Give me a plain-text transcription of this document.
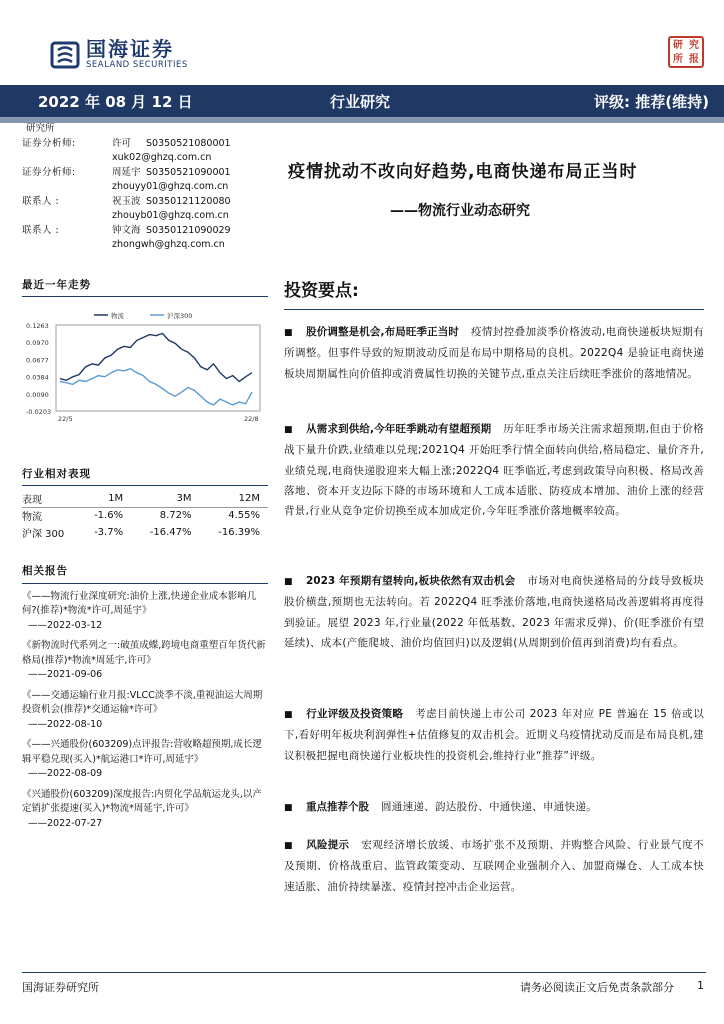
国海证券
SEALAND SECURITIES
研 究
所 报
2022 年 08 月 12 日	行业研究	评级: 推荐(维持)
研究所
证券分析师:	许可	S0350521080001
xuk02@ghzq.com.cn
证券分析师:	周延宇 S0350521090001
zhouyy01@ghzq.com.cn
联系人 :	祝玉波 S0350121120080
zhouyb01@ghzq.com.cn
联系人 :	钟文海 S0350121090029
zhongwh@ghzq.com.cn
疫情扰动不改向好趋势,电商快递布局正当时
——物流行业动态研究
最近一年走势
0.1263
0.0970
0.0677
0.0384
0.0090
-0.0203
22/5	22/8
物流	沪深300
行业相对表现
表现	1M	3M	12M
物流	-1.6%	8.72%	4.55%
沪深 300	-3.7%	-16.47%	-16.39%
相关报告
《——物流行业深度研究:油价上涨,快递企业成本影响几何?(推荐)*物流*许可,周延宇》
——2022-03-12
《新物流时代系列之一:破茧成蝶,跨境电商重塑百年货代新格局(推荐)*物流*周延宇,许可》
——2021-09-06
《——交通运输行业月报:VLCC淡季不淡,重视油运大周期投资机会(推荐)*交通运输*许可》
——2022-08-10
《——兴通股份(603209)点评报告:营收略超预期,成长逻辑平稳兑现(买入)*航运港口*许可,周延宇》
——2022-08-09
《兴通股份(603209)深度报告:内贸化学品航运龙头,以产定销扩张提速(买入)*物流*周延宇,许可》
——2022-07-27
投资要点:
■ 股价调整是机会,布局旺季正当时 疫情封控叠加淡季价格波动,电商快递板块短期有所调整。但事件导致的短期波动反而是布局中期格局的良机。2022Q4 是验证电商快递板块周期属性向价值抑或消费属性切换的关键节点,重点关注后续旺季涨价的落地情况。
■ 从需求到供给,今年旺季跳动有望超预期 历年旺季市场关注需求超预期,但由于价格战下量升价跌,业绩难以兑现;2021Q4 开始旺季行情全面转向供给,格局稳定、量价齐升,业绩兑现,电商快递股迎来大幅上涨;2022Q4 旺季临近,考虑到政策导向积极、格局改善落地、资本开支边际下降的市场环境和人工成本适胀、防疫成本增加、油价上涨的经营背景,行业从竞争定价切换至成本加成定价,今年旺季涨价落地概率较高。
■ 2023 年预期有望转向,板块依然有双击机会 市场对电商快递格局的分歧导致板块股价横盘,预期也无法转向。若 2022Q4 旺季涨价落地,电商快递格局改善逻辑将再度得到验证。展望 2023 年,行业量(2022 年低基数、2023 年需求反弹)、价(旺季涨价有望延续)、成本(产能爬坡、油价均值回归)以及逻辑(从周期到价值再到消费)均有看点。
■ 行业评级及投资策略 考虑目前快递上市公司 2023 年对应 PE 普遍在 15 倍或以下,看好明年板块利润弹性+估值修复的双击机会。近期义乌疫情扰动反而是布局良机,建议积极把握电商快递行业板块性的投资机会,维持行业“推荐”评级。
■ 重点推荐个股 圆通速递、韵达股份、中通快递、申通快递。
■ 风险提示 宏观经济增长放缓、市场扩张不及预期、并购整合风险、行业景气度不及预期、价格战重启、监管政策变动、互联网企业强制介入、加盟商爆仓、人工成本快速适胀、油价持续暴涨、疫情封控冲击企业运营。
国海证券研究所	请务必阅读正文后免责条款部分 1
